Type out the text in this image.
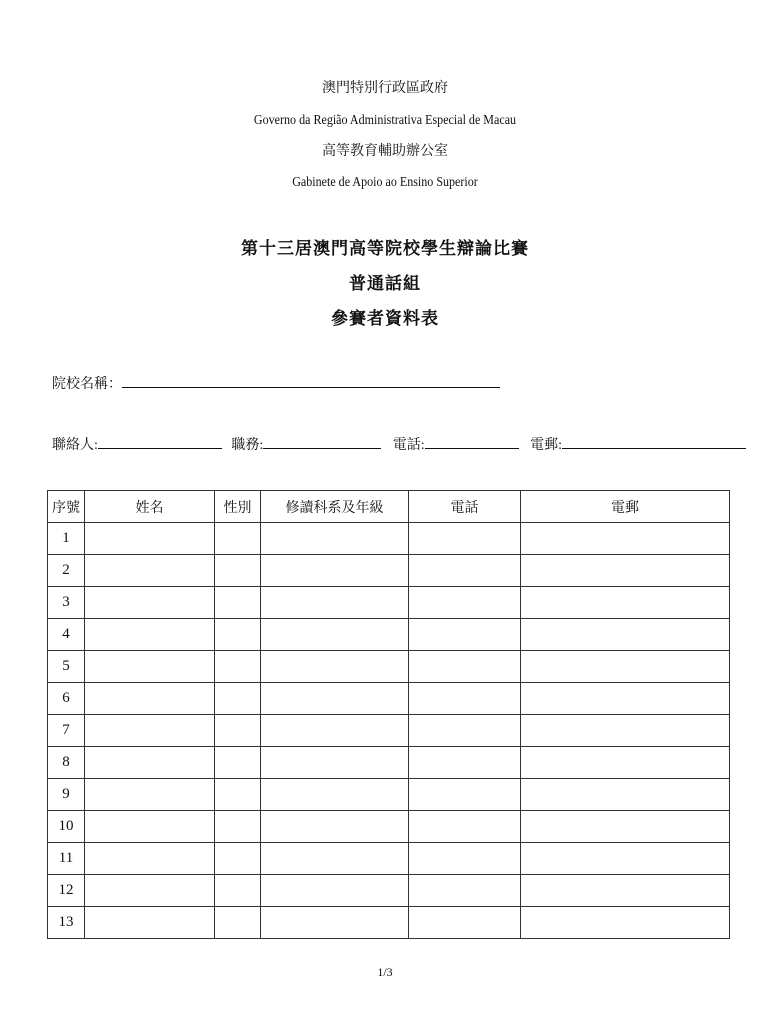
澳門特別行政區政府
Governo da Região Administrativa Especial de Macau
高等教育輔助辦公室
Gabinete de Apoio ao Ensino Superior
第十三居澳門高等院校學生辯論比賽
普通話組
參賽者資料表
院校名稱：
聯絡人:	職務:	電話:	電郵:
序號	姓名	性別	修讀科系及年級	電話	電郵
1					
2					
3					
4					
5					
6					
7					
8					
9					
10					
11					
12					
13					
1/3
